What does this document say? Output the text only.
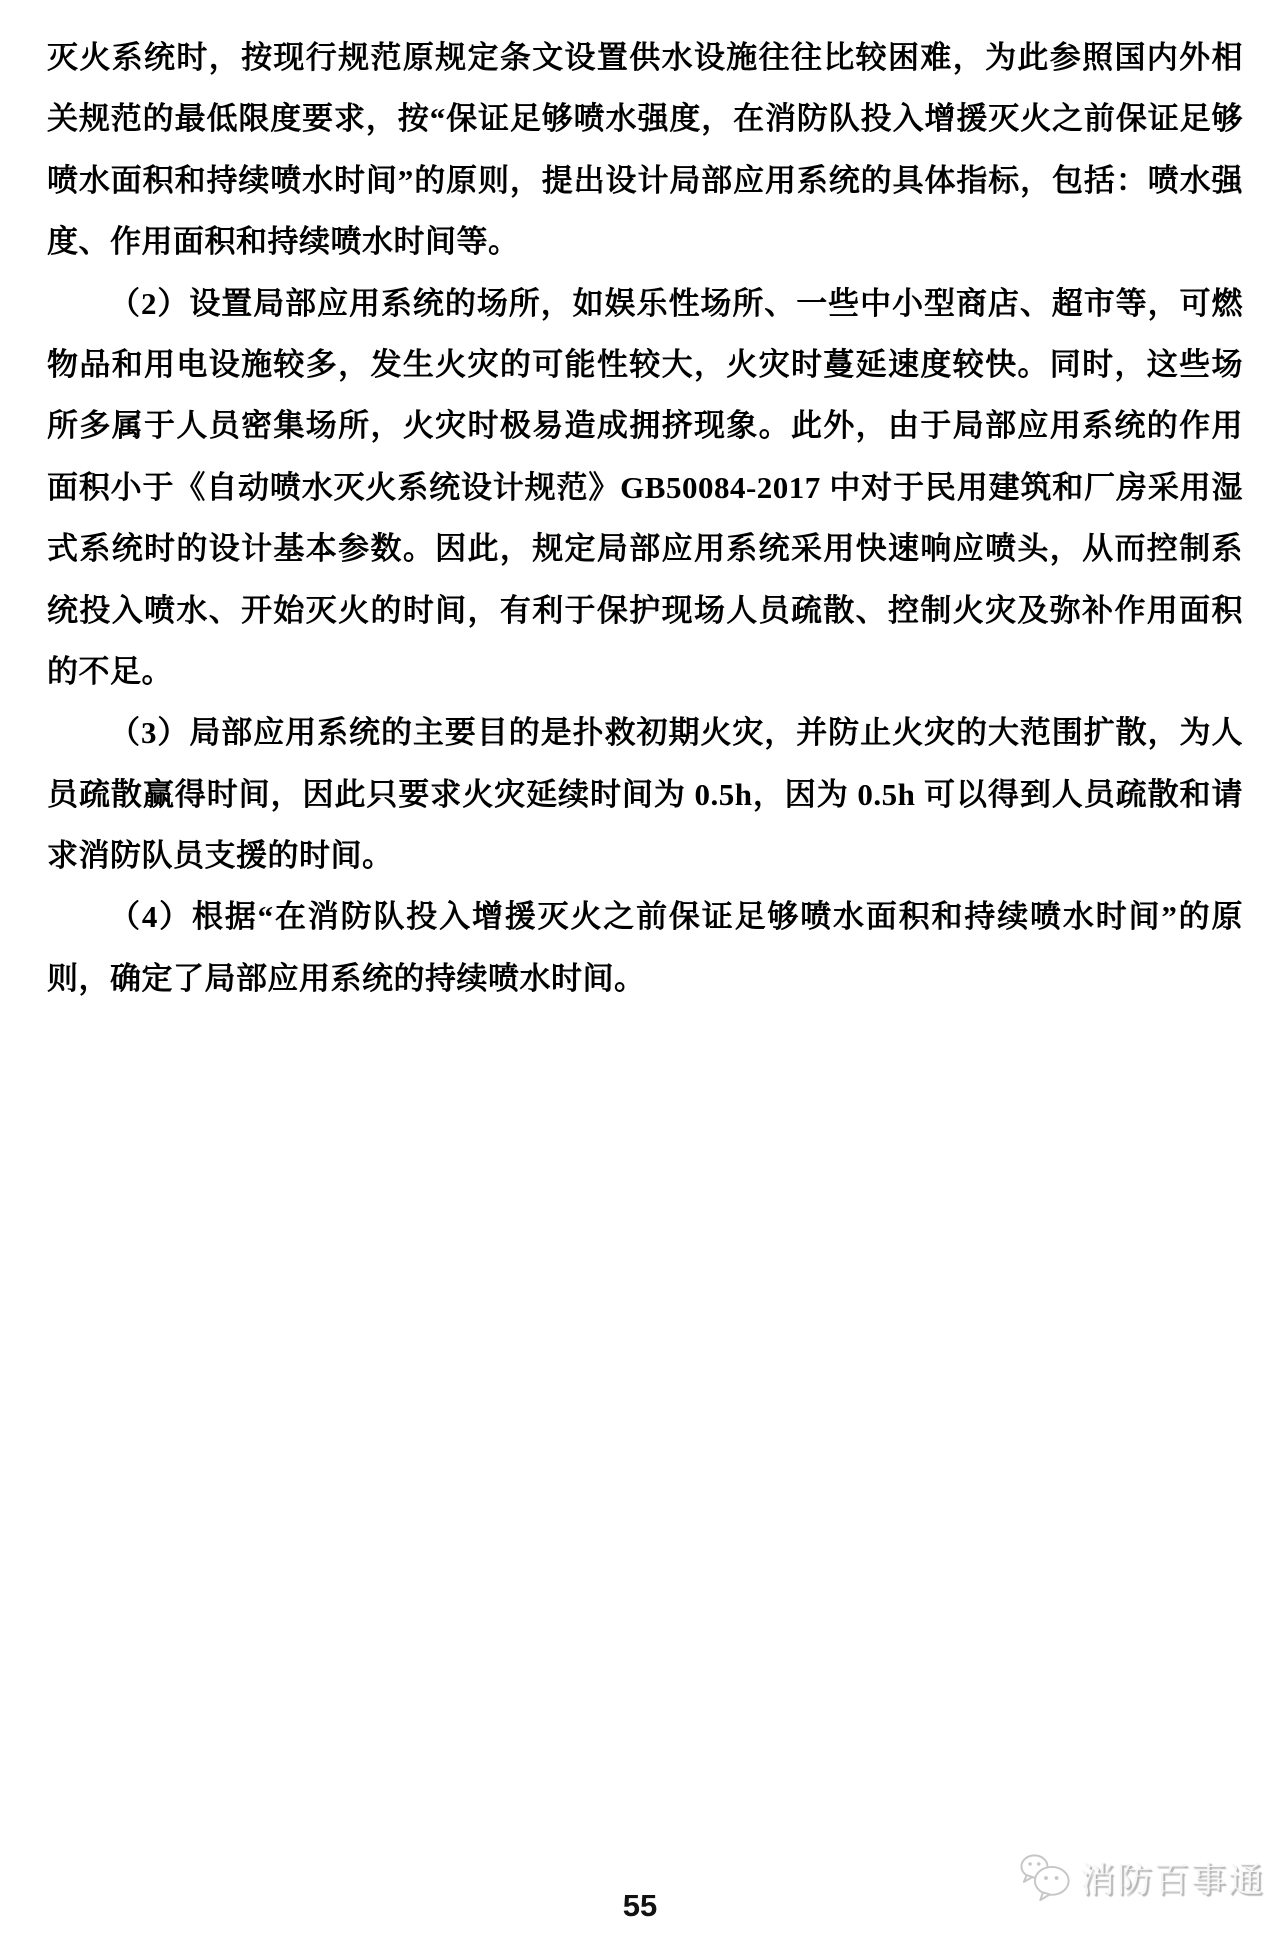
灭火系统时，按现行规范原规定条文设置供水设施往往比较困难，为此参照国内外相
关规范的最低限度要求，按“保证足够喷水强度，在消防队投入增援灭火之前保证足够
喷水面积和持续喷水时间”的原则，提出设计局部应用系统的具体指标，包括：喷水强
度、作用面积和持续喷水时间等。
（2）设置局部应用系统的场所，如娱乐性场所、一些中小型商店、超市等，可燃
物品和用电设施较多，发生火灾的可能性较大，火灾时蔓延速度较快。同时，这些场
所多属于人员密集场所，火灾时极易造成拥挤现象。此外，由于局部应用系统的作用
面积小于《自动喷水灭火系统设计规范》GB50084-2017 中对于民用建筑和厂房采用湿
式系统时的设计基本参数。因此，规定局部应用系统采用快速响应喷头，从而控制系
统投入喷水、开始灭火的时间，有利于保护现场人员疏散、控制火灾及弥补作用面积
的不足。
（3）局部应用系统的主要目的是扑救初期火灾，并防止火灾的大范围扩散，为人
员疏散赢得时间，因此只要求火灾延续时间为 0.5h，因为 0.5h 可以得到人员疏散和请
求消防队员支援的时间。
（4）根据“在消防队投入增援灭火之前保证足够喷水面积和持续喷水时间”的原
则，确定了局部应用系统的持续喷水时间。
消防百事通
55
